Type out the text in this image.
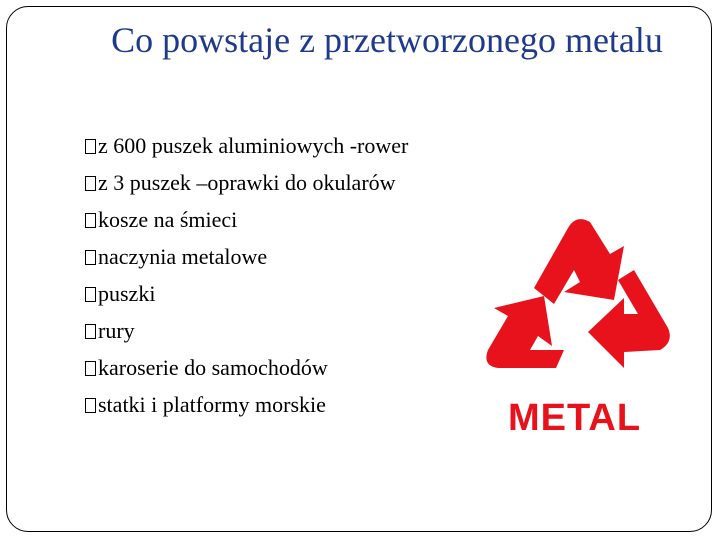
Co powstaje z przetworzonego metalu
z 600 puszek aluminiowych -rower
z 3 puszek –oprawki do okularów
kosze na śmieci
naczynia metalowe
puszki
rury
karoserie do samochodów
statki i platformy morskie	METAL
